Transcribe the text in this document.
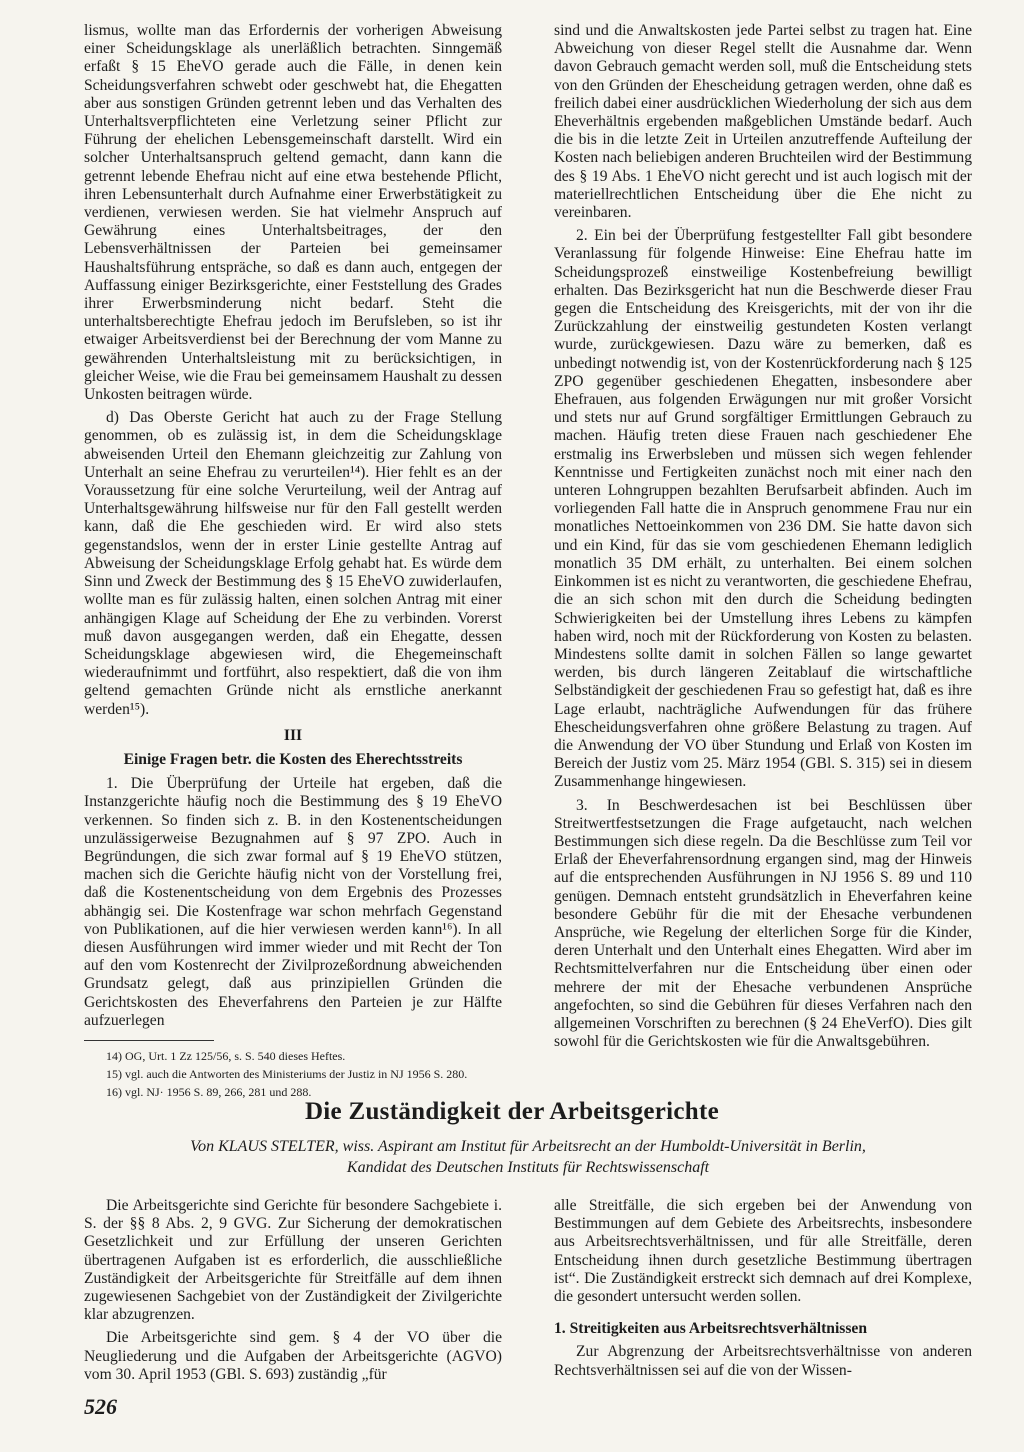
lismus, wollte man das Erfordernis der vorherigen Abweisung einer Scheidungsklage als unerläßlich betrachten. Sinngemäß erfaßt § 15 EheVO gerade auch die Fälle, in denen kein Scheidungsverfahren schwebt oder geschwebt hat, die Ehegatten aber aus sonstigen Gründen getrennt leben und das Verhalten des Unterhaltsverpflichteten eine Verletzung seiner Pflicht zur Führung der ehelichen Lebensgemeinschaft darstellt. Wird ein solcher Unterhaltsanspruch geltend gemacht, dann kann die getrennt lebende Ehefrau nicht auf eine etwa bestehende Pflicht, ihren Lebensunterhalt durch Aufnahme einer Erwerbstätigkeit zu verdienen, verwiesen werden. Sie hat vielmehr Anspruch auf Gewährung eines Unterhaltsbeitrages, der den Lebensverhältnissen der Parteien bei gemeinsamer Haushaltsführung entspräche, so daß es dann auch, entgegen der Auffassung einiger Bezirksgerichte, einer Feststellung des Grades ihrer Erwerbsminderung nicht bedarf. Steht die unterhaltsberechtigte Ehefrau jedoch im Berufsleben, so ist ihr etwaiger Arbeitsverdienst bei der Berechnung der vom Manne zu gewährenden Unterhaltsleistung mit zu berücksichtigen, in gleicher Weise, wie die Frau bei gemeinsamem Haushalt zu dessen Unkosten beitragen würde.

d) Das Oberste Gericht hat auch zu der Frage Stellung genommen, ob es zulässig ist, in dem die Scheidungsklage abweisenden Urteil den Ehemann gleichzeitig zur Zahlung von Unterhalt an seine Ehefrau zu verurteilen¹⁴). Hier fehlt es an der Voraussetzung für eine solche Verurteilung, weil der Antrag auf Unterhaltsgewährung hilfsweise nur für den Fall gestellt werden kann, daß die Ehe geschieden wird. Er wird also stets gegenstandslos, wenn der in erster Linie gestellte Antrag auf Abweisung der Scheidungsklage Erfolg gehabt hat. Es würde dem Sinn und Zweck der Bestimmung des § 15 EheVO zuwiderlaufen, wollte man es für zulässig halten, einen solchen Antrag mit einer anhängigen Klage auf Scheidung der Ehe zu verbinden. Vorerst muß davon ausgegangen werden, daß ein Ehegatte, dessen Scheidungsklage abgewiesen wird, die Ehegemeinschaft wiederaufnimmt und fortführt, also respektiert, daß die von ihm geltend gemachten Gründe nicht als ernstliche anerkannt werden¹⁵).

III

Einige Fragen betr. die Kosten des Eherechtsstreits

1. Die Überprüfung der Urteile hat ergeben, daß die Instanzgerichte häufig noch die Bestimmung des § 19 EheVO verkennen. So finden sich z. B. in den Kostenentscheidungen unzulässigerweise Bezugnahmen auf § 97 ZPO. Auch in Begründungen, die sich zwar formal auf § 19 EheVO stützen, machen sich die Gerichte häufig nicht von der Vorstellung frei, daß die Kostenentscheidung von dem Ergebnis des Prozesses abhängig sei. Die Kostenfrage war schon mehrfach Gegenstand von Publikationen, auf die hier verwiesen werden kann¹⁶). In all diesen Ausführungen wird immer wieder und mit Recht der Ton auf den vom Kostenrecht der Zivilprozeßordnung abweichenden Grundsatz gelegt, daß aus prinzipiellen Gründen die Gerichtskosten des Eheverfahrens den Parteien je zur Hälfte aufzuerlegen

14) OG, Urt. 1 Zz 125/56, s. S. 540 dieses Heftes.

15) vgl. auch die Antworten des Ministeriums der Justiz in NJ 1956 S. 280.

16) vgl. NJ· 1956 S. 89, 266, 281 und 288.

sind und die Anwaltskosten jede Partei selbst zu tragen hat. Eine Abweichung von dieser Regel stellt die Ausnahme dar. Wenn davon Gebrauch gemacht werden soll, muß die Entscheidung stets von den Gründen der Ehescheidung getragen werden, ohne daß es freilich dabei einer ausdrücklichen Wiederholung der sich aus dem Eheverhältnis ergebenden maßgeblichen Umstände bedarf. Auch die bis in die letzte Zeit in Urteilen anzutreffende Aufteilung der Kosten nach beliebigen anderen Bruchteilen wird der Bestimmung des § 19 Abs. 1 EheVO nicht gerecht und ist auch logisch mit der materiellrechtlichen Entscheidung über die Ehe nicht zu vereinbaren.

2. Ein bei der Überprüfung festgestellter Fall gibt besondere Veranlassung für folgende Hinweise: Eine Ehefrau hatte im Scheidungsprozeß einstweilige Kostenbefreiung bewilligt erhalten. Das Bezirksgericht hat nun die Beschwerde dieser Frau gegen die Entscheidung des Kreisgerichts, mit der von ihr die Zurückzahlung der einstweilig gestundeten Kosten verlangt wurde, zurückgewiesen. Dazu wäre zu bemerken, daß es unbedingt notwendig ist, von der Kostenrückforderung nach § 125 ZPO gegenüber geschiedenen Ehegatten, insbesondere aber Ehefrauen, aus folgenden Erwägungen nur mit großer Vorsicht und stets nur auf Grund sorgfältiger Ermittlungen Gebrauch zu machen. Häufig treten diese Frauen nach geschiedener Ehe erstmalig ins Erwerbsleben und müssen sich wegen fehlender Kenntnisse und Fertigkeiten zunächst noch mit einer nach den unteren Lohngruppen bezahlten Berufsarbeit abfinden. Auch im vorliegenden Fall hatte die in Anspruch genommene Frau nur ein monatliches Nettoeinkommen von 236 DM. Sie hatte davon sich und ein Kind, für das sie vom geschiedenen Ehemann lediglich monatlich 35 DM erhält, zu unterhalten. Bei einem solchen Einkommen ist es nicht zu verantworten, die geschiedene Ehefrau, die an sich schon mit den durch die Scheidung bedingten Schwierigkeiten bei der Umstellung ihres Lebens zu kämpfen haben wird, noch mit der Rückforderung von Kosten zu belasten. Mindestens sollte damit in solchen Fällen so lange gewartet werden, bis durch längeren Zeitablauf die wirtschaftliche Selbständigkeit der geschiedenen Frau so gefestigt hat, daß es ihre Lage erlaubt, nachträgliche Aufwendungen für das frühere Ehescheidungsverfahren ohne größere Belastung zu tragen. Auf die Anwendung der VO über Stundung und Erlaß von Kosten im Bereich der Justiz vom 25. März 1954 (GBl. S. 315) sei in diesem Zusammenhange hingewiesen.

3. In Beschwerdesachen ist bei Beschlüssen über Streitwertfestsetzungen die Frage aufgetaucht, nach welchen Bestimmungen sich diese regeln. Da die Beschlüsse zum Teil vor Erlaß der Eheverfahrensordnung ergangen sind, mag der Hinweis auf die entsprechenden Ausführungen in NJ 1956 S. 89 und 110 genügen. Demnach entsteht grundsätzlich in Eheverfahren keine besondere Gebühr für die mit der Ehesache verbundenen Ansprüche, wie Regelung der elterlichen Sorge für die Kinder, deren Unterhalt und den Unterhalt eines Ehegatten. Wird aber im Rechtsmittelverfahren nur die Entscheidung über einen oder mehrere der mit der Ehesache verbundenen Ansprüche angefochten, so sind die Gebühren für dieses Verfahren nach den allgemeinen Vorschriften zu berechnen (§ 24 EheVerfO). Dies gilt sowohl für die Gerichtskosten wie für die Anwaltsgebühren.

Die Zuständigkeit der Arbeitsgerichte
Von KLAUS STELTER, wiss. Aspirant am Institut für Arbeitsrecht an der Humboldt-Universität in Berlin,
Kandidat des Deutschen Instituts für Rechtswissenschaft

Die Arbeitsgerichte sind Gerichte für besondere Sachgebiete i. S. der §§ 8 Abs. 2, 9 GVG. Zur Sicherung der demokratischen Gesetzlichkeit und zur Erfüllung der unseren Gerichten übertragenen Aufgaben ist es erforderlich, die ausschließliche Zuständigkeit der Arbeitsgerichte für Streitfälle auf dem ihnen zugewiesenen Sachgebiet von der Zuständigkeit der Zivilgerichte klar abzugrenzen.

Die Arbeitsgerichte sind gem. § 4 der VO über die Neugliederung und die Aufgaben der Arbeitsgerichte (AGVO) vom 30. April 1953 (GBl. S. 693) zuständig „für

alle Streitfälle, die sich ergeben bei der Anwendung von Bestimmungen auf dem Gebiete des Arbeitsrechts, insbesondere aus Arbeitsrechtsverhältnissen, und für alle Streitfälle, deren Entscheidung ihnen durch gesetzliche Bestimmung übertragen ist“. Die Zuständigkeit erstreckt sich demnach auf drei Komplexe, die gesondert untersucht werden sollen.

1. Streitigkeiten aus Arbeitsrechtsverhältnissen

Zur Abgrenzung der Arbeitsrechtsverhältnisse von anderen Rechtsverhältnissen sei auf die von der Wissen-

526
